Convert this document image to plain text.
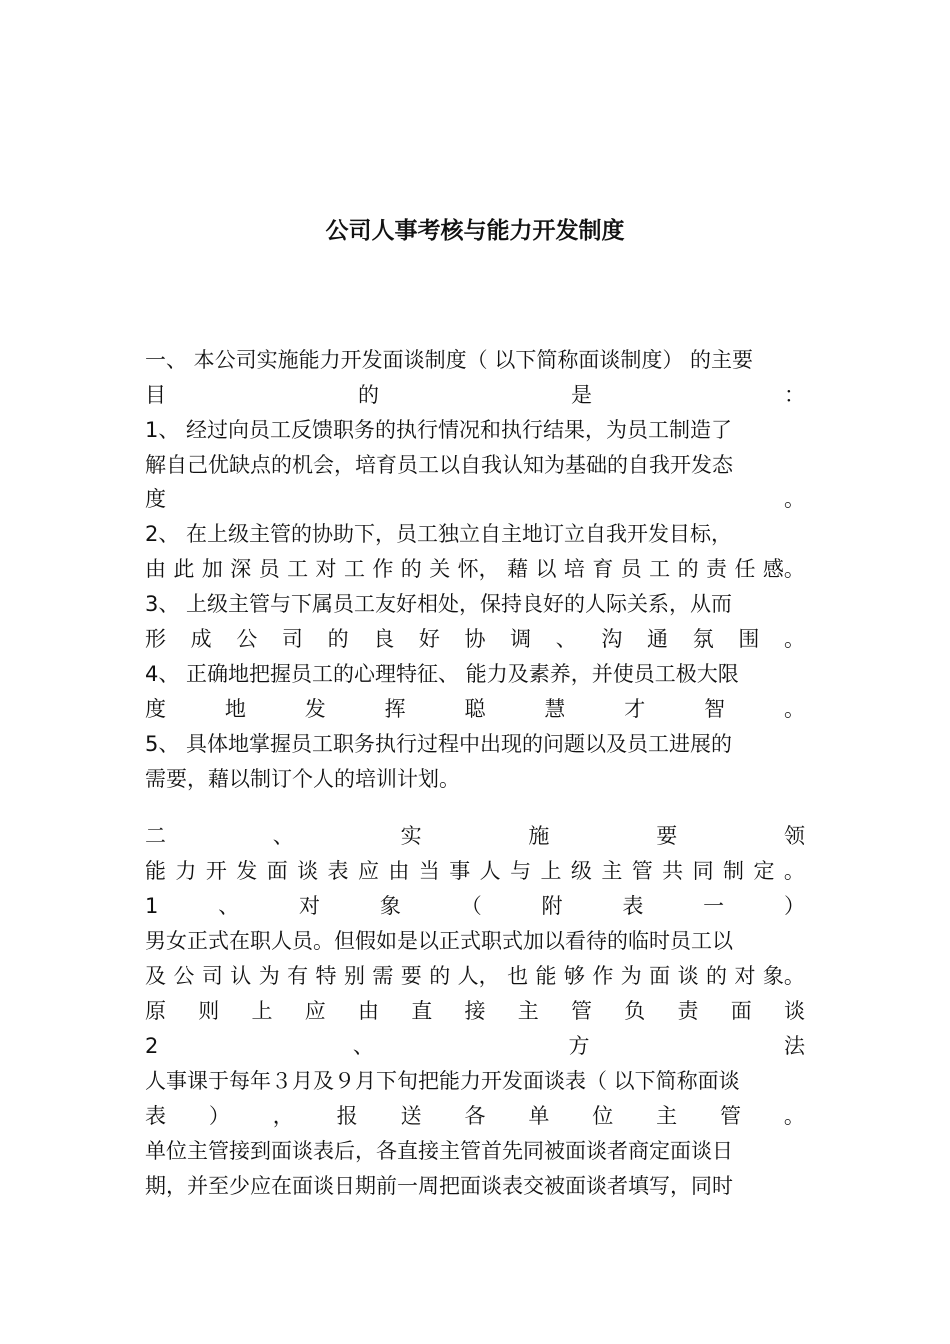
公司人事考核与能力开发制度
一、 本公司实施能力开发面谈制度（ 以下简称面谈制度） 的主要
目	的	是	：
1、 经过向员工反馈职务的执行情况和执行结果，为员工制造了
解自己优缺点的机会，培育员工以自我认知为基础的自我开发态
度	。
2、 在上级主管的协助下，员工独立自主地订立自我开发目标，
由 此 加 深 员 工 对 工 作 的 关 怀， 藉 以 培 育 员 工 的 责 任 感。
3、 上级主管与下属员工友好相处，保持良好的人际关系，从而
形 成 公 司 的 良 好 协 调 、 沟 通 氛 围 。
4、 正确地把握员工的心理特征、 能力及素养，并使员工极大限
度	地	发	挥	聪	慧	才	智	。
5、 具体地掌握员工职务执行过程中出现的问题以及员工进展的
需要，藉以制订个人的培训计划。
二	、	实	施	要	领
能 力 开 发 面 谈 表 应 由 当 事 人 与 上 级 主 管 共 同 制 定 。
1	、	对	象	（	附	表	一	）
男女正式在职人员。但假如是以正式职式加以看待的临时员工以
及 公 司 认 为 有 特 别 需 要 的 人， 也 能 够 作 为 面 谈 的 对 象。
原 则 上 应 由 直 接 主 管 负 责 面 谈
2	、	方	法
人事课于每年３月及９月下旬把能力开发面谈表（ 以下简称面谈
表 ） ， 报 送 各 单 位 主 管 。
单位主管接到面谈表后，各直接主管首先同被面谈者商定面谈日
期，并至少应在面谈日期前一周把面谈表交被面谈者填写，同时
